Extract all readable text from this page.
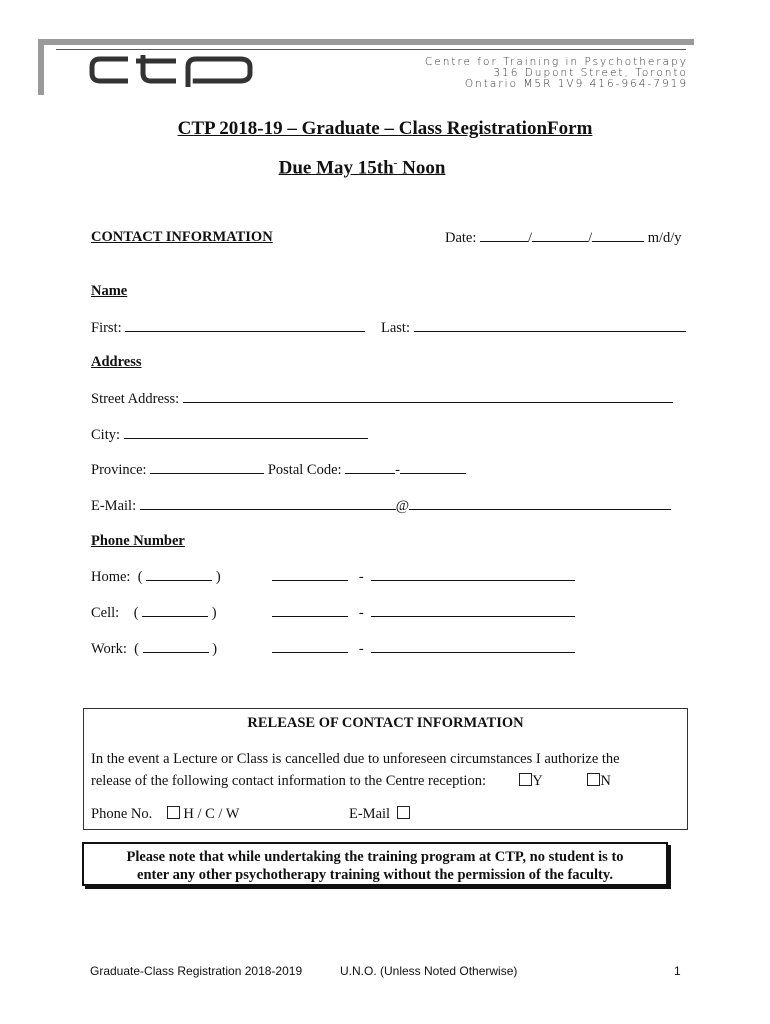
Centre for Training in Psychotherapy
316 Dupont Street, Toronto
Ontario M5R 1V9 416-964-7919
CTP 2018-19 – Graduate – Class RegistrationForm
Due May 15th- Noon
CONTACT INFORMATION	Date:	/	/	m/d/y
Name
First:	Last:
Address
Street Address:
City:
Province:	Postal Code:	-
E-Mail:	@
Phone Number
Home:  (	)	-
Cell:    (	)	-
Work:  (	)	-
RELEASE OF CONTACT INFORMATION
In the event a Lecture or Class is cancelled due to unforeseen circumstances I authorize the
release of the following contact information to the Centre reception:	Y	N
Phone No. H / C / W	E-Mail
Please note that while undertaking the training program at CTP, no student is to
enter any other psychotherapy training without the permission of the faculty.
Graduate-Class Registration 2018-2019	U.N.O. (Unless Noted Otherwise)	1
